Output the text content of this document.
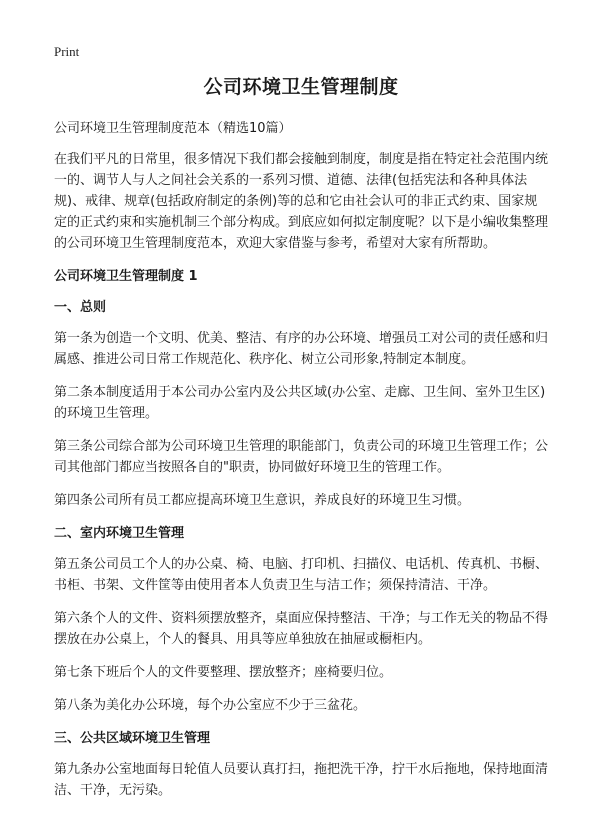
Print
公司环境卫生管理制度
公司环境卫生管理制度范本（精选10篇）
在我们平凡的日常里，很多情况下我们都会接触到制度，制度是指在特定社会范围内统一的、调节人与人之间社会关系的一系列习惯、道德、法律(包括宪法和各种具体法规)、戒律、规章(包括政府制定的条例)等的总和它由社会认可的非正式约束、国家规定的正式约束和实施机制三个部分构成。到底应如何拟定制度呢？以下是小编收集整理的公司环境卫生管理制度范本，欢迎大家借鉴与参考，希望对大家有所帮助。
公司环境卫生管理制度 1
一、总则
第一条为创造一个文明、优美、整洁、有序的办公环境、增强员工对公司的责任感和归属感、推进公司日常工作规范化、秩序化、树立公司形象,特制定本制度。
第二条本制度适用于本公司办公室内及公共区域(办公室、走廊、卫生间、室外卫生区)的环境卫生管理。
第三条公司综合部为公司环境卫生管理的职能部门，负责公司的环境卫生管理工作；公司其他部门都应当按照各自的"职责，协同做好环境卫生的管理工作。
第四条公司所有员工都应提高环境卫生意识，养成良好的环境卫生习惯。
二、室内环境卫生管理
第五条公司员工个人的办公桌、椅、电脑、打印机、扫描仪、电话机、传真机、书橱、书柜、书架、文件筐等由使用者本人负责卫生与洁工作；须保持清洁、干净。
第六条个人的文件、资料须摆放整齐，桌面应保持整洁、干净；与工作无关的物品不得摆放在办公桌上，个人的餐具、用具等应单独放在抽屉或橱柜内。
第七条下班后个人的文件要整理、摆放整齐；座椅要归位。
第八条为美化办公环境，每个办公室应不少于三盆花。
三、公共区域环境卫生管理
第九条办公室地面每日轮值人员要认真打扫，拖把洗干净，拧干水后拖地，保持地面清洁、干净，无污染。
